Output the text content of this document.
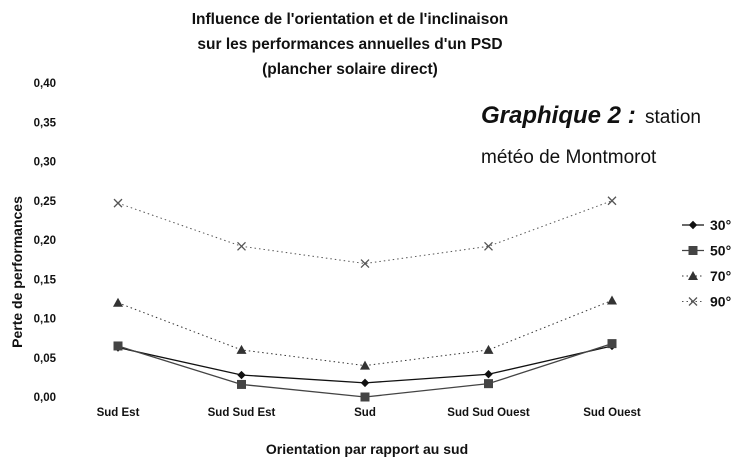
Influence de l'orientation et de l'inclinaison
sur les performances annuelles d'un PSD
(plancher solaire direct)
Graphique 2 : station
météo de Montmorot
Perte de performances
Orientation par rapport au sud
0,00
0,05
0,10
0,15
0,20
0,25
0,30
0,35
0,40
Sud Est	Sud Sud Est	Sud	Sud Sud Ouest	Sud Ouest
30°
50°
70°
90°
